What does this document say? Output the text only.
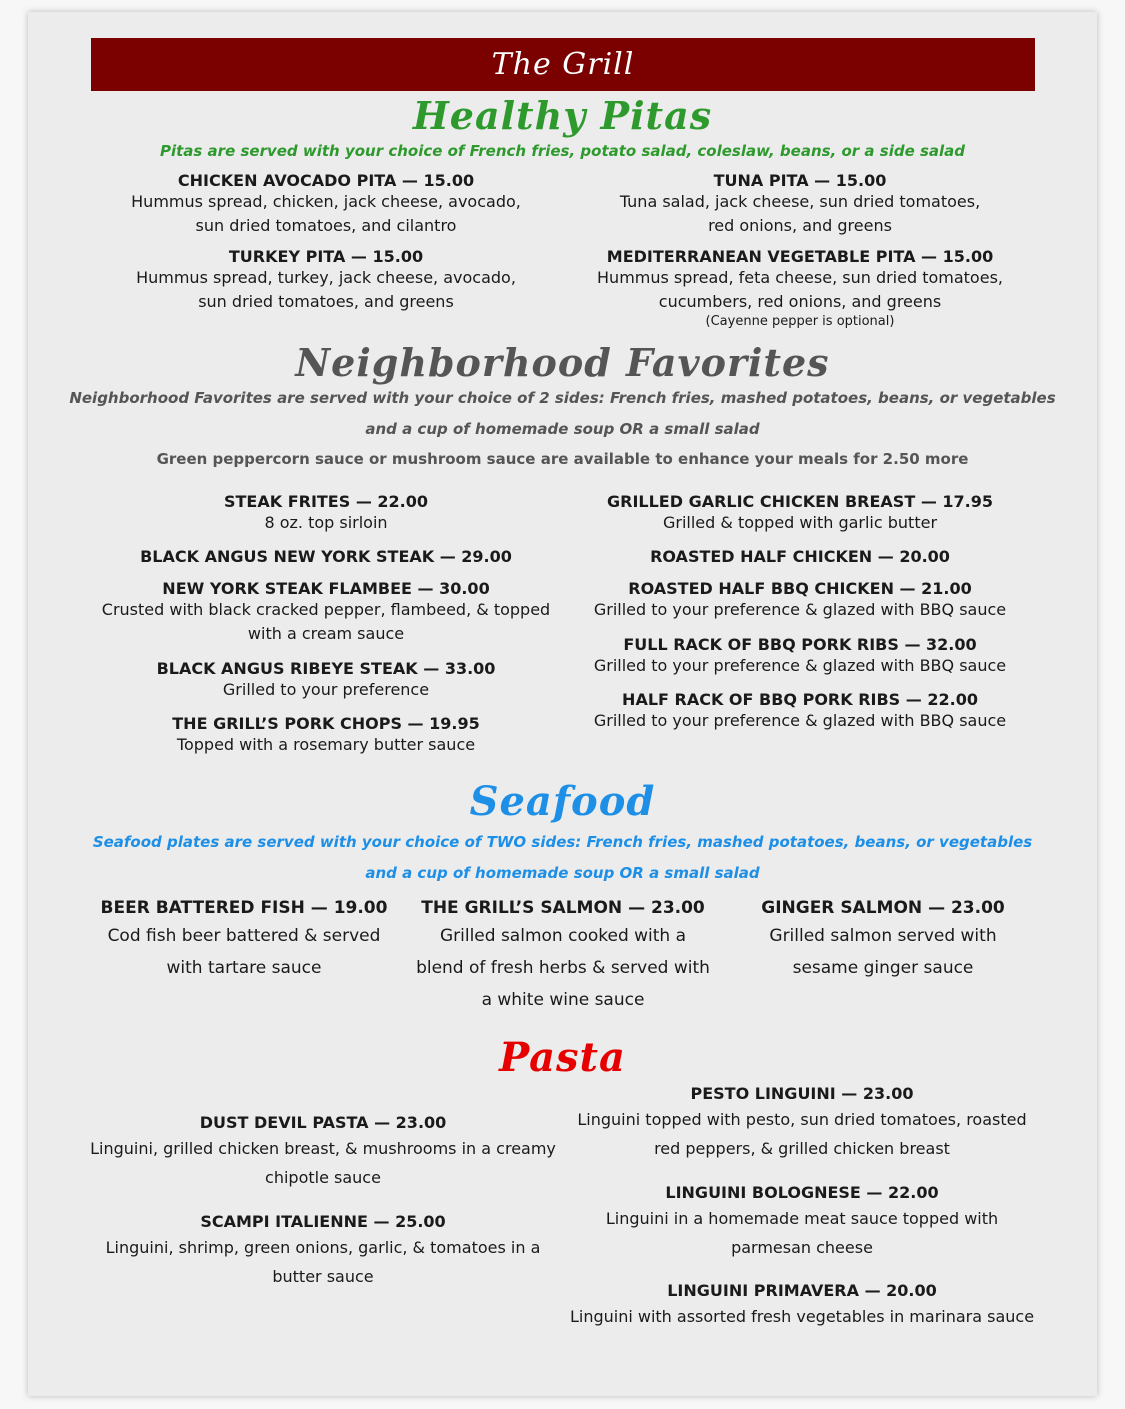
The Grill
Healthy Pitas
Pitas are served with your choice of French fries, potato salad, coleslaw, beans, or a side salad
CHICKEN AVOCADO PITA — 15.00
Hummus spread, chicken, jack cheese, avocado,
sun dried tomatoes, and cilantro
TURKEY PITA — 15.00
Hummus spread, turkey, jack cheese, avocado,
sun dried tomatoes, and greens
TUNA PITA — 15.00
Tuna salad, jack cheese, sun dried tomatoes,
red onions, and greens
MEDITERRANEAN VEGETABLE PITA — 15.00
Hummus spread, feta cheese, sun dried tomatoes,
cucumbers, red onions, and greens
(Cayenne pepper is optional)
Neighborhood Favorites
Neighborhood Favorites are served with your choice of 2 sides: French fries, mashed potatoes, beans, or vegetables
and a cup of homemade soup OR a small salad
Green peppercorn sauce or mushroom sauce are available to enhance your meals for 2.50 more
STEAK FRITES — 22.00
8 oz. top sirloin
BLACK ANGUS NEW YORK STEAK — 29.00
NEW YORK STEAK FLAMBEE — 30.00
Crusted with black cracked pepper, flambeed, & topped
with a cream sauce
BLACK ANGUS RIBEYE STEAK — 33.00
Grilled to your preference
THE GRILL’S PORK CHOPS — 19.95
Topped with a rosemary butter sauce
GRILLED GARLIC CHICKEN BREAST — 17.95
Grilled & topped with garlic butter
ROASTED HALF CHICKEN — 20.00
ROASTED HALF BBQ CHICKEN — 21.00
Grilled to your preference & glazed with BBQ sauce
FULL RACK OF BBQ PORK RIBS — 32.00
Grilled to your preference & glazed with BBQ sauce
HALF RACK OF BBQ PORK RIBS — 22.00
Grilled to your preference & glazed with BBQ sauce
Seafood
Seafood plates are served with your choice of TWO sides: French fries, mashed potatoes, beans, or vegetables
and a cup of homemade soup OR a small salad
BEER BATTERED FISH — 19.00
Cod fish beer battered & served
with tartare sauce
THE GRILL’S SALMON — 23.00
Grilled salmon cooked with a
blend of fresh herbs & served with
a white wine sauce
GINGER SALMON — 23.00
Grilled salmon served with
sesame ginger sauce
Pasta
DUST DEVIL PASTA — 23.00
Linguini, grilled chicken breast, & mushrooms in a creamy
chipotle sauce
SCAMPI ITALIENNE — 25.00
Linguini, shrimp, green onions, garlic, & tomatoes in a
butter sauce
PESTO LINGUINI — 23.00
Linguini topped with pesto, sun dried tomatoes, roasted
red peppers, & grilled chicken breast
LINGUINI BOLOGNESE — 22.00
Linguini in a homemade meat sauce topped with
parmesan cheese
LINGUINI PRIMAVERA — 20.00
Linguini with assorted fresh vegetables in marinara sauce
